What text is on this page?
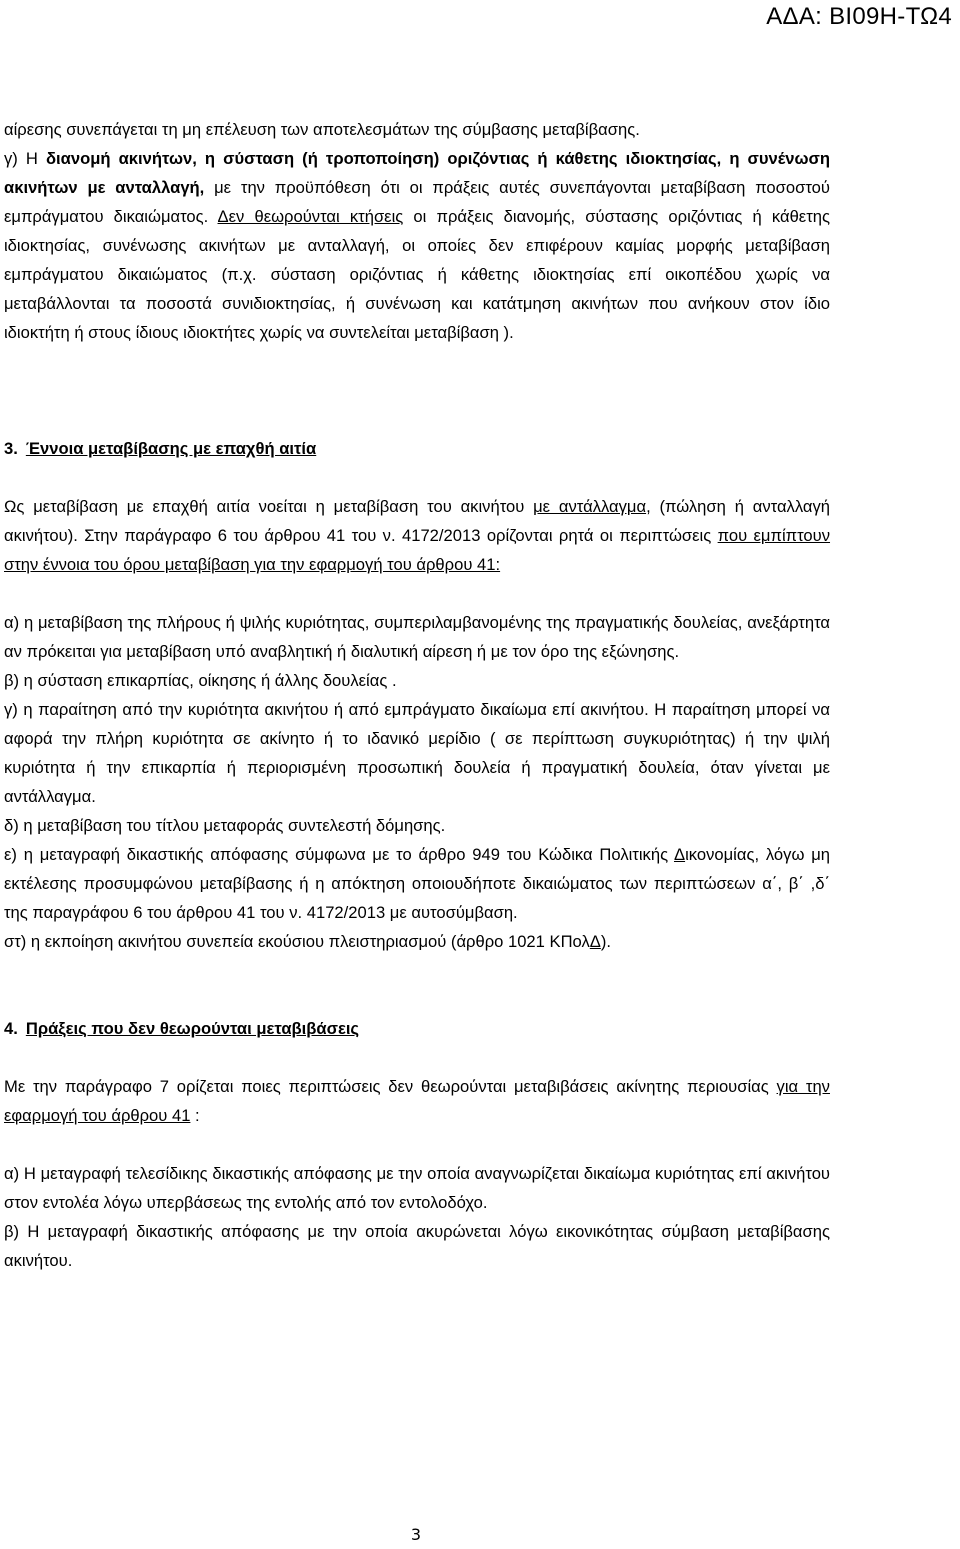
ΑΔΑ: ΒΙ09Η-ΤΩ4

αίρεσης συνεπάγεται τη μη επέλευση των αποτελεσμάτων της σύμβασης μεταβίβασης.

γ) Η διανομή ακινήτων, η σύσταση (ή τροποποίηση) οριζόντιας ή κάθετης ιδιοκτησίας, η συνένωση ακινήτων με ανταλλαγή, με την προϋπόθεση ότι οι πράξεις αυτές συνεπάγονται μεταβίβαση ποσοστού εμπράγματου δικαιώματος. Δεν θεωρούνται κτήσεις οι πράξεις διανομής, σύστασης οριζόντιας ή κάθετης ιδιοκτησίας, συνένωσης ακινήτων με ανταλλαγή, οι οποίες δεν επιφέρουν καμίας μορφής μεταβίβαση εμπράγματου δικαιώματος (π.χ. σύσταση οριζόντιας ή κάθετης ιδιοκτησίας επί οικοπέδου χωρίς να μεταβάλλονται τα ποσοστά συνιδιοκτησίας, ή συνένωση και κατάτμηση ακινήτων που ανήκουν στον ίδιο ιδιοκτήτη ή στους ίδιους ιδιοκτήτες χωρίς να συντελείται μεταβίβαση ).

3. Έννοια μεταβίβασης με επαχθή αιτία

Ως μεταβίβαση με επαχθή αιτία νοείται η μεταβίβαση του ακινήτου με αντάλλαγμα, (πώληση ή ανταλλαγή ακινήτου). Στην παράγραφο 6 του άρθρου 41 του ν. 4172/2013 ορίζονται ρητά οι περιπτώσεις που εμπίπτουν στην έννοια του όρου μεταβίβαση για την εφαρμογή του άρθρου 41:

α) η μεταβίβαση της πλήρους ή ψιλής κυριότητας, συμπεριλαμβανομένης της πραγματικής δουλείας, ανεξάρτητα αν πρόκειται για μεταβίβαση υπό αναβλητική ή διαλυτική αίρεση ή με τον όρο της εξώνησης.

β) η σύσταση επικαρπίας, οίκησης ή άλλης δουλείας .

γ) η παραίτηση από την κυριότητα ακινήτου ή από εμπράγματο δικαίωμα επί ακινήτου. Η παραίτηση μπορεί να αφορά την πλήρη κυριότητα σε ακίνητο ή το ιδανικό μερίδιο ( σε περίπτωση συγκυριότητας) ή την ψιλή κυριότητα ή την επικαρπία ή περιορισμένη προσωπική δουλεία ή πραγματική δουλεία, όταν γίνεται με αντάλλαγμα.

δ) η μεταβίβαση του τίτλου μεταφοράς συντελεστή δόμησης.

ε) η μεταγραφή δικαστικής απόφασης σύμφωνα με το άρθρο 949 του Κώδικα Πολιτικής Δικονομίας, λόγω μη εκτέλεσης προσυμφώνου μεταβίβασης ή η απόκτηση οποιουδήποτε δικαιώματος των περιπτώσεων α΄, β΄ ,δ΄ της παραγράφου 6 του άρθρου 41 του ν. 4172/2013 με αυτοσύμβαση.

στ) η εκποίηση ακινήτου συνεπεία εκούσιου πλειστηριασμού (άρθρο 1021 ΚΠολΔ).

4. Πράξεις που δεν θεωρούνται μεταβιβάσεις

Με την παράγραφο 7 ορίζεται ποιες περιπτώσεις δεν θεωρούνται μεταβιβάσεις ακίνητης περιουσίας για την εφαρμογή του άρθρου 41 :

α) Η μεταγραφή τελεσίδικης δικαστικής απόφασης με την οποία αναγνωρίζεται δικαίωμα κυριότητας επί ακινήτου στον εντολέα λόγω υπερβάσεως της εντολής από τον εντολοδόχο.

β) Η μεταγραφή δικαστικής απόφασης με την οποία ακυρώνεται λόγω εικονικότητας σύμβαση μεταβίβασης ακινήτου.

3
